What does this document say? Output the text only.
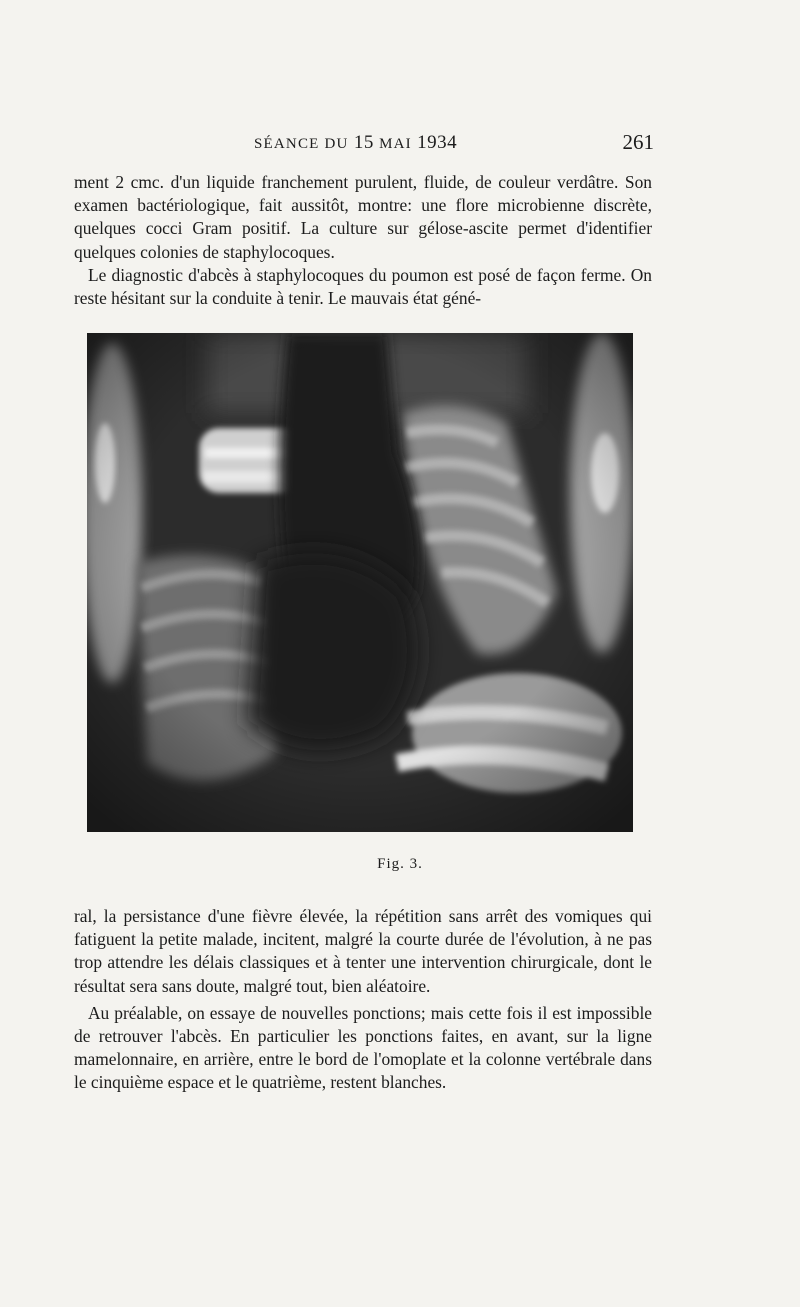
SÉANCE DU 15 MAI 1934	261

ment 2 cmc. d'un liquide franchement purulent, fluide, de couleur verdâtre. Son examen bactériologique, fait aussitôt, montre: une flore microbienne discrète, quelques cocci Gram positif. La culture sur gélose-ascite permet d'identifier quelques colonies de staphylocoques.

Le diagnostic d'abcès à staphylocoques du poumon est posé de façon ferme. On reste hésitant sur la conduite à tenir. Le mauvais état géné-

Fig. 3.

ral, la persistance d'une fièvre élevée, la répétition sans arrêt des vomiques qui fatiguent la petite malade, incitent, malgré la courte durée de l'évolution, à ne pas trop attendre les délais classiques et à tenter une intervention chirurgicale, dont le résultat sera sans doute, malgré tout, bien aléatoire.

Au préalable, on essaye de nouvelles ponctions; mais cette fois il est impossible de retrouver l'abcès. En particulier les ponctions faites, en avant, sur la ligne mamelonnaire, en arrière, entre le bord de l'omoplate et la colonne vertébrale dans le cinquième espace et le quatrième, restent blanches.
